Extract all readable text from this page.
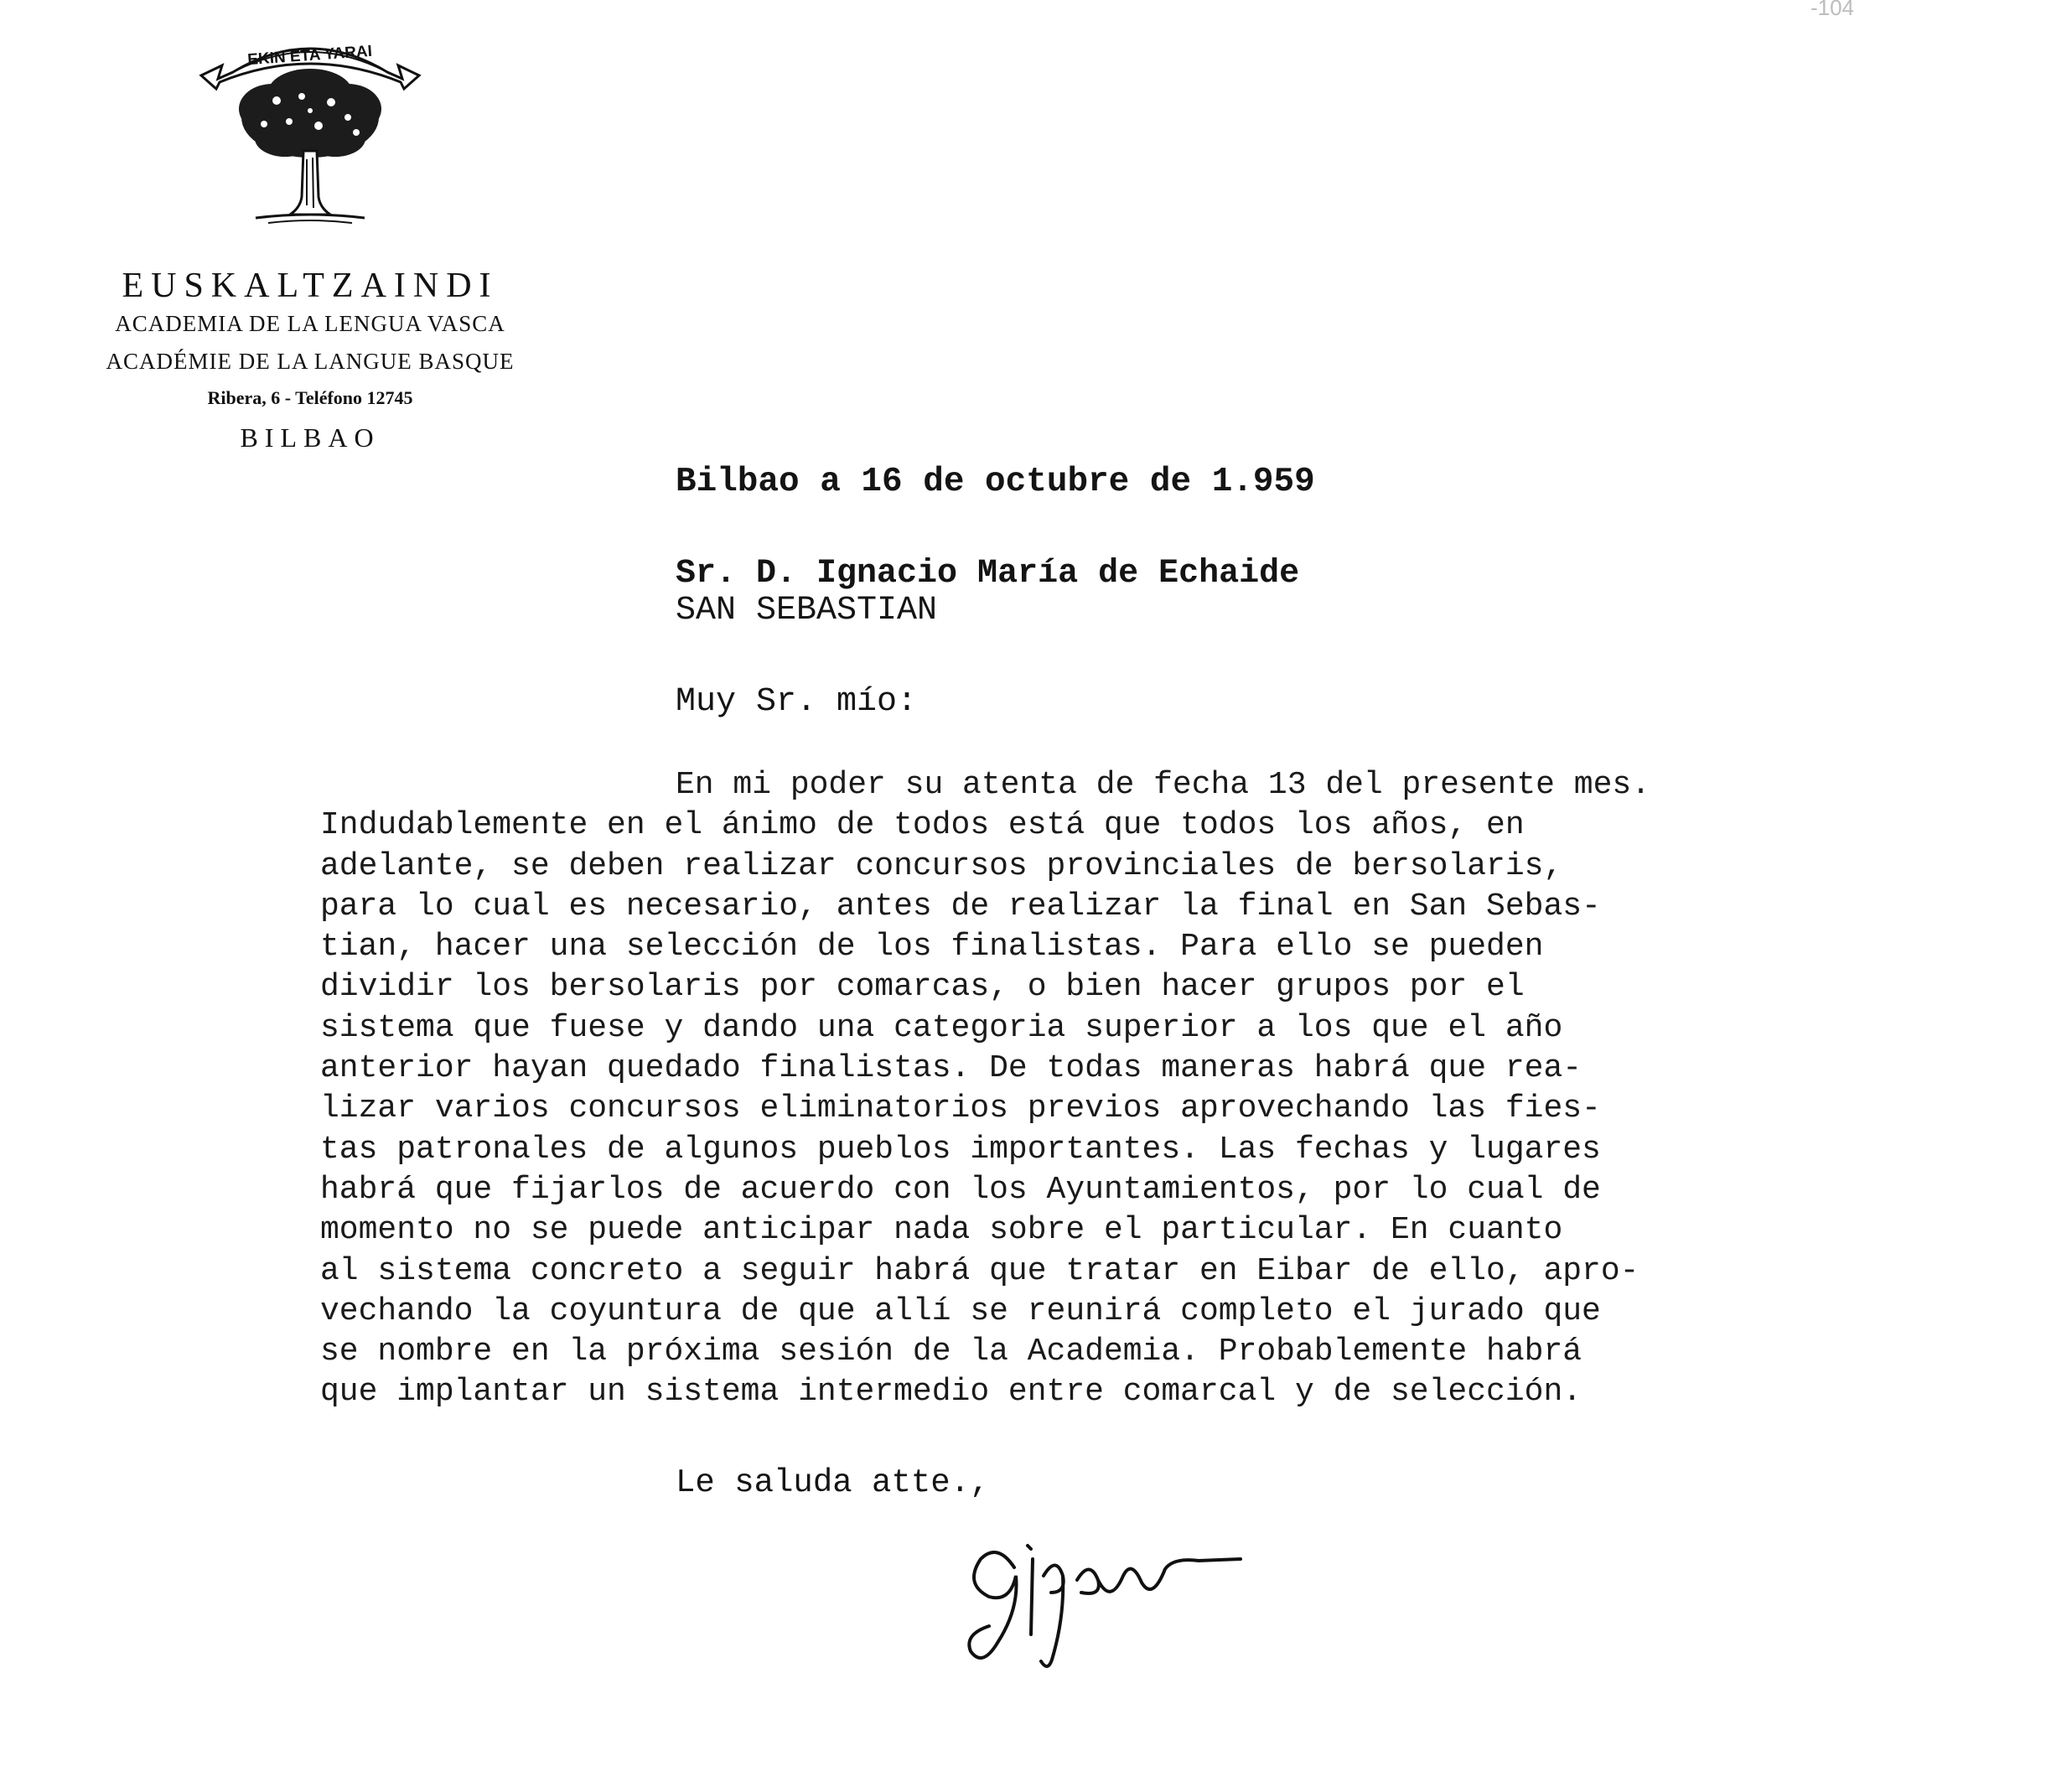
-104
EKIN ETA YARAI
EUSKALTZAINDI
ACADEMIA DE LA LENGUA VASCA
ACADÉMIE DE LA LANGUE BASQUE
Ribera, 6 - Teléfono 12745
BILBAO
Bilbao a 16 de octubre de 1.959
Sr. D. Ignacio María de Echaide
SAN SEBASTIAN
Muy Sr. mío:
En mi poder su atenta de fecha 13 del presente mes.
Indudablemente en el ánimo de todos está que todos los años, en
adelante, se deben realizar concursos provinciales de bersolaris,
para lo cual es necesario, antes de realizar la final en San Sebas-
tian, hacer una selección de los finalistas. Para ello se pueden
dividir los bersolaris por comarcas, o bien hacer grupos por el
sistema que fuese y dando una categoria superior a los que el año
anterior hayan quedado finalistas. De todas maneras habrá que rea-
lizar varios concursos eliminatorios previos aprovechando las fies-
tas patronales de algunos pueblos importantes. Las fechas y lugares
habrá que fijarlos de acuerdo con los Ayuntamientos, por lo cual de
momento no se puede anticipar nada sobre el particular. En cuanto
al sistema concreto a seguir habrá que tratar en Eibar de ello, apro-
vechando la coyuntura de que allí se reunirá completo el jurado que
se nombre en la próxima sesión de la Academia. Probablemente habrá
que implantar un sistema intermedio entre comarcal y de selección.
Le saluda atte.,
